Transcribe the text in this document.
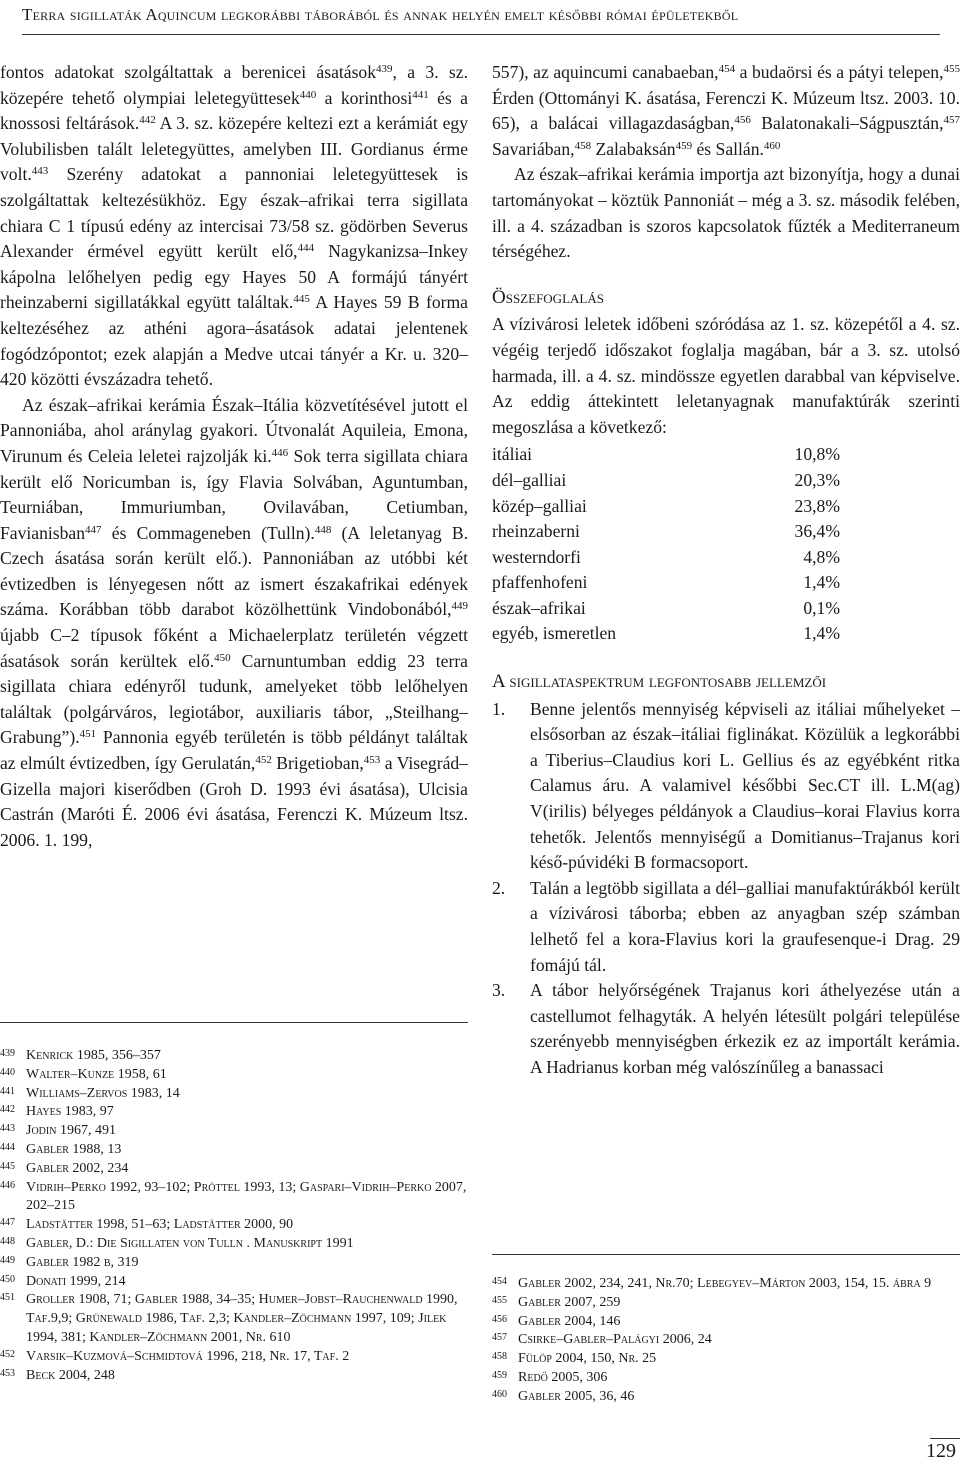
Terra sigillaták Aquincum legkorábbi táborából és annak helyén emelt későbbi római épületekből

fontos adatokat szolgáltattak a berenicei ásatások$^{439}$, a 3. sz. közepére tehető olympiai leletegyüttesek$^{440}$ a korinthosi$^{441}$ és a knossosi feltárások.$^{442}$ A 3. sz. közepére keltezi ezt a kerámiát egy Volubilisben talált leletegyüttes, amelyben III. Gordianus érme volt.$^{443}$ Szerény adatokat a pannoniai leletegyüttesek is szolgáltattak keltezésükhöz. Egy észak–afrikai terra sigillata chiara C 1 típusú edény az intercisai 73/58 sz. gödörben Severus Alexander érmével együtt került elő,$^{444}$ Nagykanizsa–Inkey kápolna lelőhelyen pedig egy Hayes 50 A formájú tányért rheinzaberni sigillatákkal együtt találtak.$^{445}$ A Hayes 59 B forma keltezéséhez az athéni agora–ásatások adatai jelentenek fogódzópontot; ezek alapján a Medve utcai tányér a Kr. u. 320–420 közötti évszázadra tehető.

Az észak–afrikai kerámia Észak–Itália közvetítésével jutott el Pannoniába, ahol aránylag gyakori. Útvonalát Aquileia, Emona, Virunum és Celeia leletei rajzolják ki.$^{446}$ Sok terra sigillata chiara került elő Noricumban is, így Flavia Solvában, Aguntumban, Teurniában, Immuriumban, Ovilavában, Cetiumban, Favianisban$^{447}$ és Commageneben (Tulln).$^{448}$ (A leletanyag B. Czech ásatása során került elő.). Pannoniában az utóbbi két évtizedben is lényegesen nőtt az ismert északafrikai edények száma. Korábban több darabot közölhettünk Vindobonából,$^{449}$ újabb C–2 típusok főként a Michaelerplatz területén végzett ásatások során kerültek elő.$^{450}$ Carnuntumban eddig 23 terra sigillata chiara edényről tudunk, amelyeket több lelőhelyen találtak (polgárváros, legiotábor, auxiliaris tábor, „Steilhang–Grabung”).$^{451}$ Pannonia egyéb területén is több példányt találtak az elmúlt évtizedben, így Gerulatán,$^{452}$ Brigetioban,$^{453}$ a Visegrád–Gizella majori kiserődben (Groh D. 1993 évi ásatása), Ulcisia Castrán (Maróti É. 2006 évi ásatása, Ferenczi K. Múzeum ltsz. 2006. 1. 199,

439 Kenrick 1985, 356–357
440 Walter–Kunze 1958, 61
441 Williams–Zervos 1983, 14
442 Hayes 1983, 97
443 Jodin 1967, 491
444 Gabler 1988, 13
445 Gabler 2002, 234
446 Vidrih–Perko 1992, 93–102; Pröttel 1993, 13; Gaspari–Vidrih–Perko 2007, 202–215
447 Ladstätter 1998, 51–63; Ladstätter 2000, 90
448 Gabler, D.: Die Sigillaten von Tulln . Manuskript 1991
449 Gabler 1982 b, 319
450 Donati 1999, 214
451 Groller 1908, 71; Gabler 1988, 34–35; Humer–Jobst–Rauchenwald 1990, Taf.9,9; Grünewald 1986, Taf. 2,3; Kandler–Zöchmann 1997, 109; Jilek 1994, 381; Kandler–Zöchmann 2001, Nr. 610
452 Varsik–Kuzmová–Schmidtová 1996, 218, Nr. 17, Taf. 2
453 Beck 2004, 248

557), az aquincumi canabaeban,$^{454}$ a budaörsi és a pátyi telepen,$^{455}$ Érden (Ottományi K. ásatása, Ferenczi K. Múzeum ltsz. 2003. 10. 65), a balácai villagazdaságban,$^{456}$ Balatonakali–Ságpusztán,$^{457}$ Savariában,$^{458}$ Zalabaksán$^{459}$ és Sallán.$^{460}$

Az észak–afrikai kerámia importja azt bizonyítja, hogy a dunai tartományokat – köztük Pannoniát – még a 3. sz. második felében, ill. a 4. században is szoros kapcsolatok fűzték a Mediterraneum térségéhez.

Összefoglalás

A vízivárosi leletek időbeni szóródása az 1. sz. közepétől a 4. sz. végéig terjedő időszakot foglalja magában, bár a 3. sz. utolsó harmada, ill. a 4. sz. mindössze egyetlen darabbal van képviselve. Az eddig áttekintett leletanyagnak manufaktúrák szerinti megoszlása a következő:

itáliai	10,8%
dél–galliai	20,3%
közép–galliai	23,8%
rheinzaberni	36,4%
westerndorfi	4,8%
pfaffenhofeni	1,4%
észak–afrikai	0,1%
egyéb, ismeretlen	1,4%
A sigillataspektrum legfontosabb jellemzői
1. Benne jelentős mennyiség képviseli az itáliai műhelyeket – elsősorban az észak–itáliai figlinákat. Közülük a legkorábbi a Tiberius–Claudius kori L. Gellius és az egyébként ritka Calamus áru. A valamivel későbbi Sec.CT ill. L.M(ag) V(irilis) bélyeges példányok a Claudius–korai Flavius korra tehetők. Jelentős mennyiségű a Domitianus–Trajanus kori késő-púvidéki B formacsoport.
2. Talán a legtöbb sigillata a dél–galliai manufaktúrákból került a vízivárosi táborba; ebben az anyagban szép számban lelhető fel a kora-Flavius kori la graufesenque-i Drag. 29 fomájú tál.
3. A tábor helyőrségének Trajanus kori áthelyezése után a castellumot felhagyták. A helyén létesült polgári települése szerényebb mennyiségben érkezik ez az importált kerámia. A Hadrianus korban még valószínűleg a banassaci
454 Gabler 2002, 234, 241, Nr.70; Lebegyev–Márton 2003, 154, 15. ábra 9
455 Gabler 2007, 259
456 Gabler 2004, 146
457 Csirke–Gabler–Palágyi 2006, 24
458 Fülöp 2004, 150, Nr. 25
459 Redő 2005, 306
460 Gabler 2005, 36, 46
129
